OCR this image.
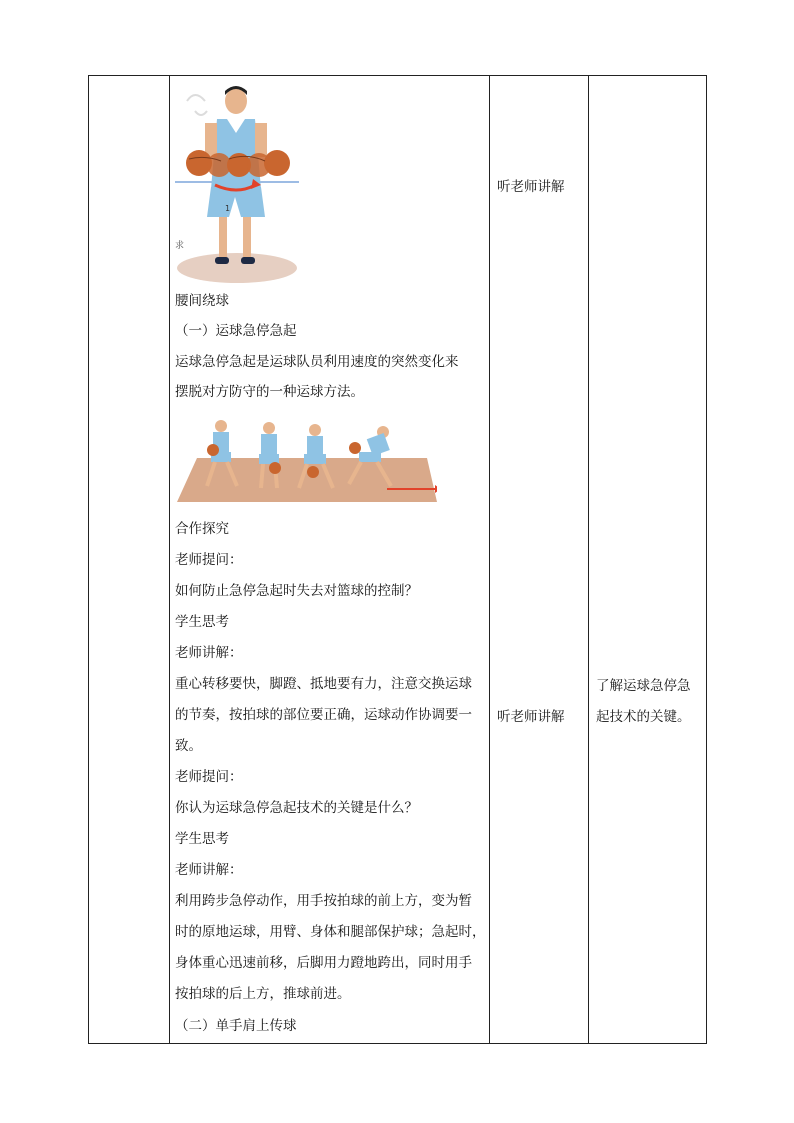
1
求
腰间绕球
（一）运球急停急起
运球急停急起是运球队员利用速度的突然变化来
摆脱对方防守的一种运球方法。
合作探究
老师提问：
如何防止急停急起时失去对篮球的控制？
学生思考
老师讲解：
重心转移要快，脚蹬、抵地要有力，注意交换运球
的节奏，按拍球的部位要正确，运球动作协调要一
致。
老师提问：
你认为运球急停急起技术的关键是什么？
学生思考
老师讲解：
利用跨步急停动作，用手按拍球的前上方，变为暂
时的原地运球，用臂、身体和腿部保护球；急起时，
身体重心迅速前移，后脚用力蹬地跨出，同时用手
按拍球的后上方，推球前进。
（二）单手肩上传球
听老师讲解
听老师讲解
了解运球急停急
起技术的关键。
